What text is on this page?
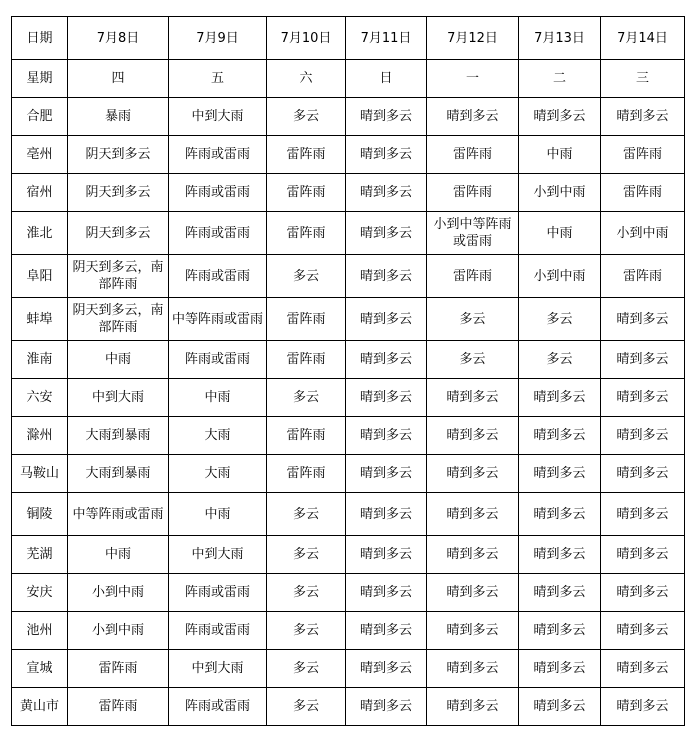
日期	7月8日	7月9日	7月10日	7月11日	7月12日	7月13日	7月14日
星期	四	五	六	日	一	二	三
合肥	暴雨	中到大雨	多云	晴到多云	晴到多云	晴到多云	晴到多云
亳州	阴天到多云	阵雨或雷雨	雷阵雨	晴到多云	雷阵雨	中雨	雷阵雨
宿州	阴天到多云	阵雨或雷雨	雷阵雨	晴到多云	雷阵雨	小到中雨	雷阵雨
淮北	阴天到多云	阵雨或雷雨	雷阵雨	晴到多云	小到中等阵雨或雷雨	中雨	小到中雨
阜阳	阴天到多云，南部阵雨	阵雨或雷雨	多云	晴到多云	雷阵雨	小到中雨	雷阵雨
蚌埠	阴天到多云，南部阵雨	中等阵雨或雷雨	雷阵雨	晴到多云	多云	多云	晴到多云
淮南	中雨	阵雨或雷雨	雷阵雨	晴到多云	多云	多云	晴到多云
六安	中到大雨	中雨	多云	晴到多云	晴到多云	晴到多云	晴到多云
滁州	大雨到暴雨	大雨	雷阵雨	晴到多云	晴到多云	晴到多云	晴到多云
马鞍山	大雨到暴雨	大雨	雷阵雨	晴到多云	晴到多云	晴到多云	晴到多云
铜陵	中等阵雨或雷雨	中雨	多云	晴到多云	晴到多云	晴到多云	晴到多云
芜湖	中雨	中到大雨	多云	晴到多云	晴到多云	晴到多云	晴到多云
安庆	小到中雨	阵雨或雷雨	多云	晴到多云	晴到多云	晴到多云	晴到多云
池州	小到中雨	阵雨或雷雨	多云	晴到多云	晴到多云	晴到多云	晴到多云
宣城	雷阵雨	中到大雨	多云	晴到多云	晴到多云	晴到多云	晴到多云
黄山市	雷阵雨	阵雨或雷雨	多云	晴到多云	晴到多云	晴到多云	晴到多云
